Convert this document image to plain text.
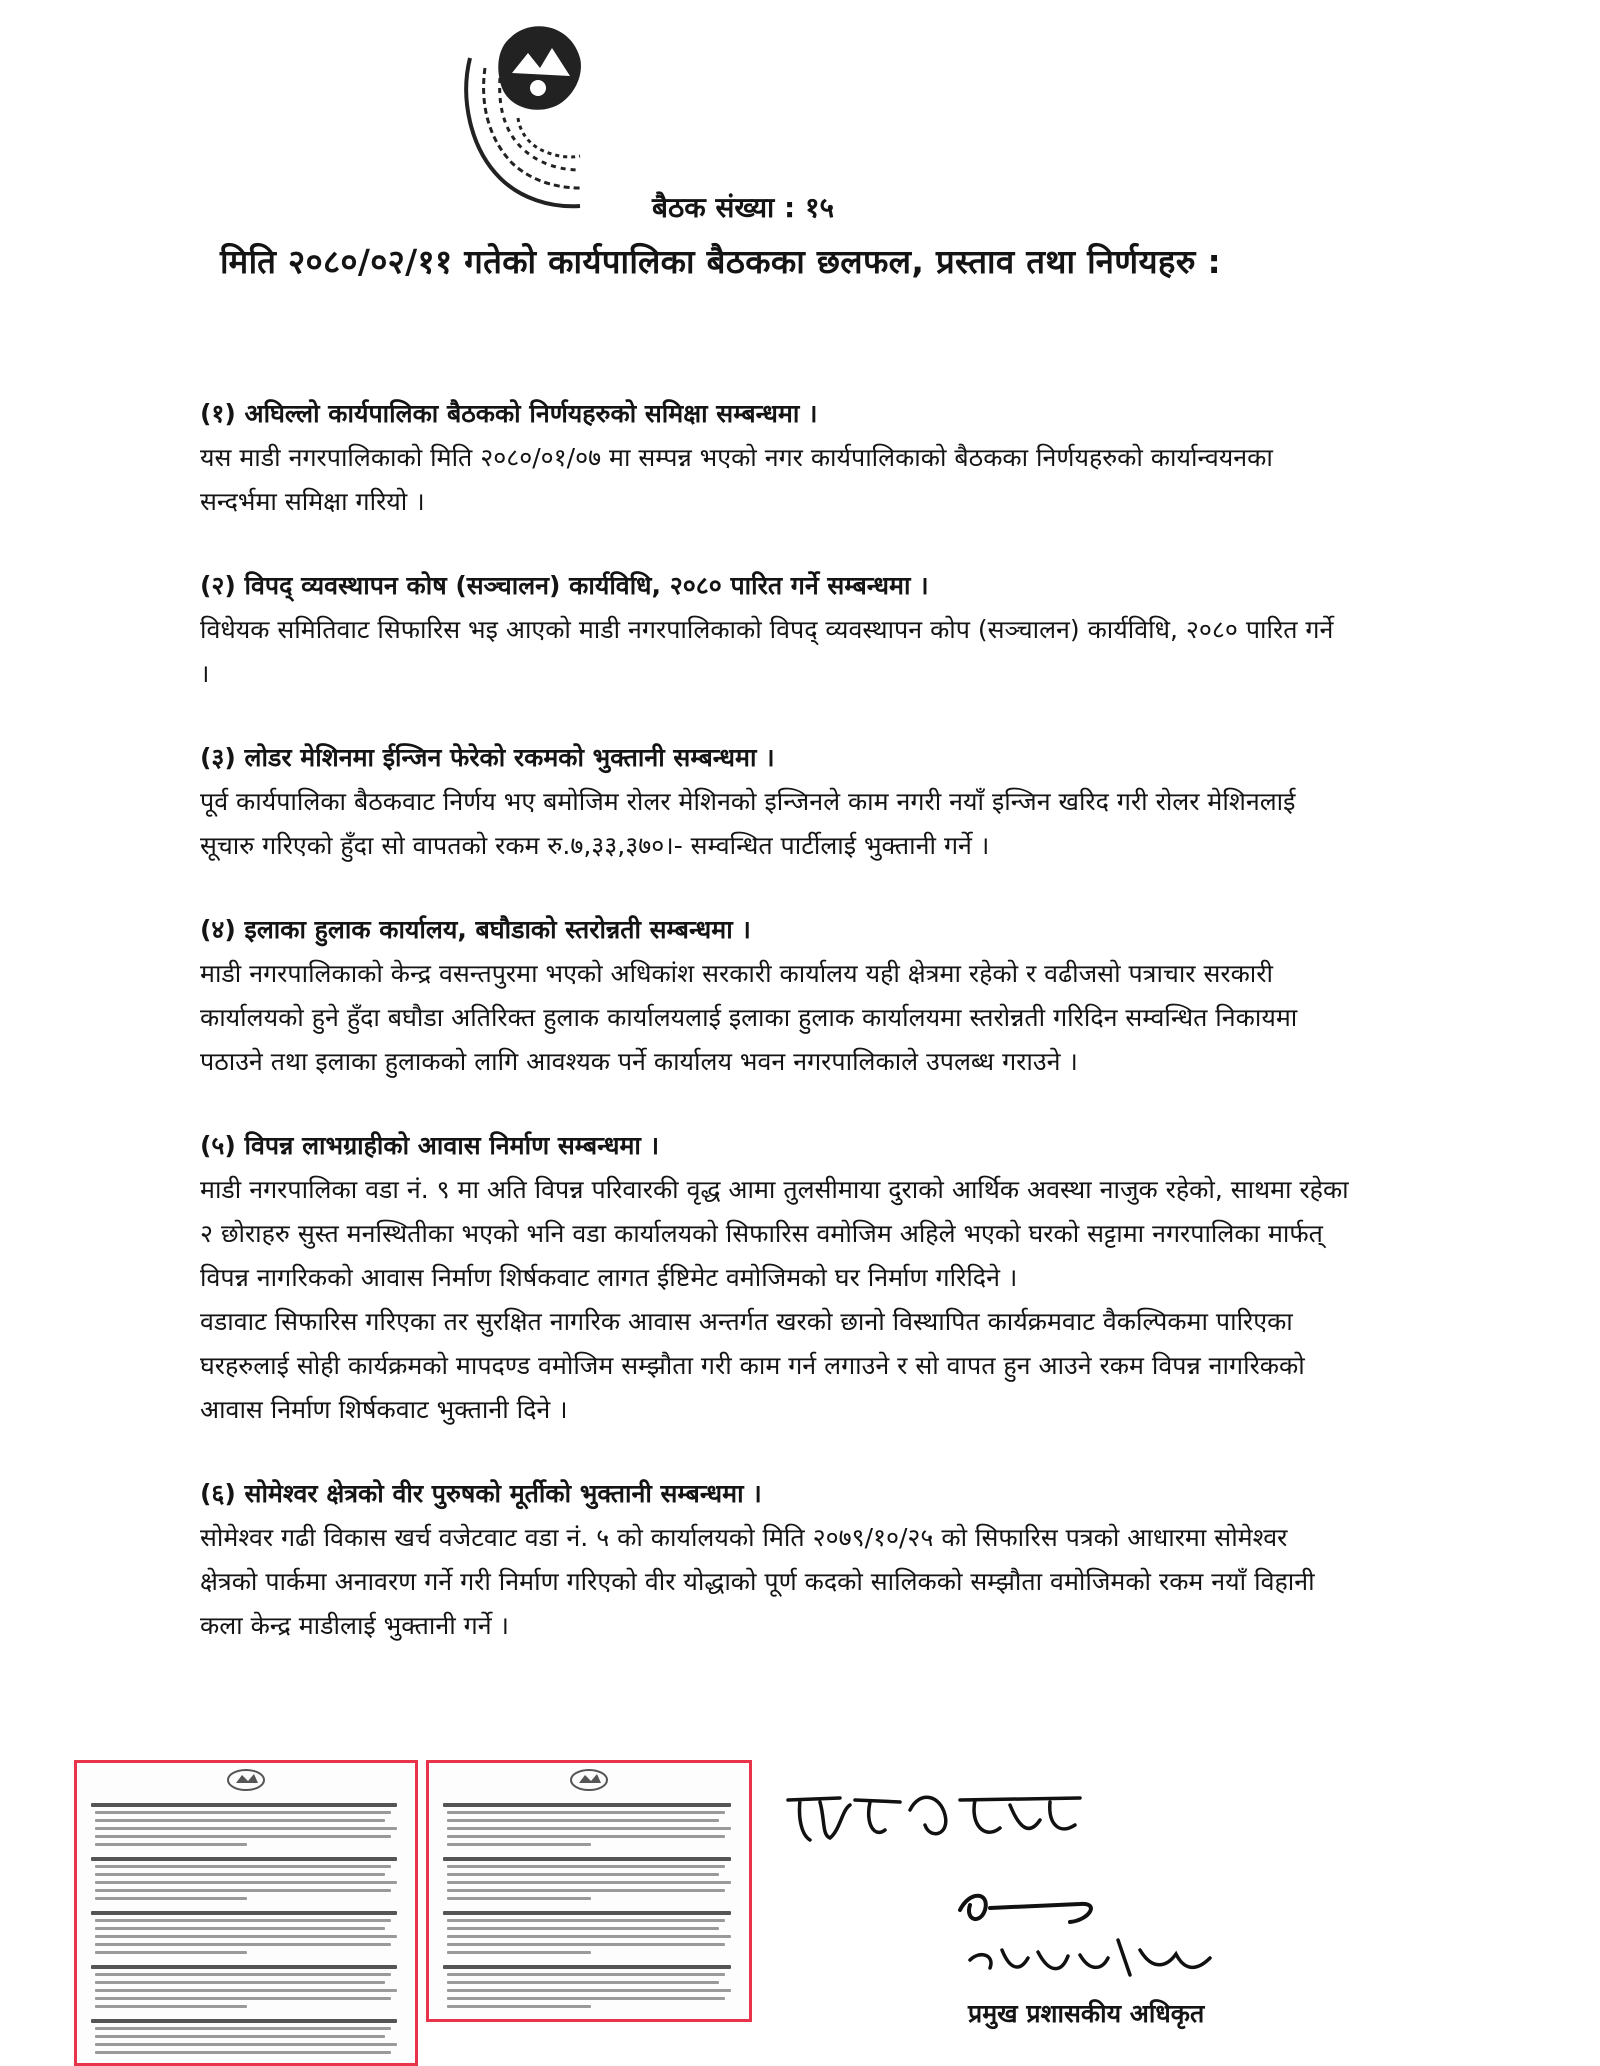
बैठक संख्या : १५
मिति २०८०/०२/११ गतेको कार्यपालिका बैठकका छलफल, प्रस्ताव तथा निर्णयहरु :
(१) अघिल्लो कार्यपालिका बैठकको निर्णयहरुको समिक्षा सम्बन्धमा ।

यस माडी नगरपालिकाको मिति २०८०/०१/०७ मा सम्पन्न भएको नगर कार्यपालिकाको बैठकका निर्णयहरुको कार्यान्वयनका सन्दर्भमा समिक्षा गरियो ।

(२) विपद् व्यवस्थापन कोष (सञ्चालन) कार्यविधि, २०८० पारित गर्ने सम्बन्धमा ।

विधेयक समितिवाट सिफारिस भइ आएको माडी नगरपालिकाको विपद् व्यवस्थापन कोप (सञ्चालन) कार्यविधि, २०८० पारित गर्ने ।

(३) लोडर मेशिनमा ईन्जिन फेरेको रकमको भुक्तानी सम्बन्धमा ।

पूर्व कार्यपालिका बैठकवाट निर्णय भए बमोजिम रोलर मेशिनको इन्जिनले काम नगरी नयाँ इन्जिन खरिद गरी रोलर मेशिनलाई सूचारु गरिएको हुँदा सो वापतको रकम रु.७,३३,३७०।- सम्वन्धित पार्टीलाई भुक्तानी गर्ने ।

(४) इलाका हुलाक कार्यालय, बघौडाको स्तरोन्नती सम्बन्धमा ।

माडी नगरपालिकाको केन्द्र वसन्तपुरमा भएको अधिकांश सरकारी कार्यालय यही क्षेत्रमा रहेको र वढीजसो पत्राचार सरकारी कार्यालयको हुने हुँदा बघौडा अतिरिक्त हुलाक कार्यालयलाई इलाका हुलाक कार्यालयमा स्तरोन्नती गरिदिन सम्वन्धित निकायमा पठाउने तथा इलाका हुलाकको लागि आवश्यक पर्ने कार्यालय भवन नगरपालिकाले उपलब्ध गराउने ।

(५) विपन्न लाभग्राहीको आवास निर्माण सम्बन्धमा ।

माडी नगरपालिका वडा नं. ९ मा अति विपन्न परिवारकी वृद्ध आमा तुलसीमाया दुराको आर्थिक अवस्था नाजुक रहेको, साथमा रहेका २ छोराहरु सुस्त मनस्थितीका भएको भनि वडा कार्यालयको सिफारिस वमोजिम अहिले भएको घरको सट्टामा नगरपालिका मार्फत् विपन्न नागरिकको आवास निर्माण शिर्षकवाट लागत ईष्टिमेट वमोजिमको घर निर्माण गरिदिने ।

वडावाट सिफारिस गरिएका तर सुरक्षित नागरिक आवास अन्तर्गत खरको छानो विस्थापित कार्यक्रमवाट वैकल्पिकमा पारिएका घरहरुलाई सोही कार्यक्रमको मापदण्ड वमोजिम सम्झौता गरी काम गर्न लगाउने र सो वापत हुन आउने रकम विपन्न नागरिकको आवास निर्माण शिर्षकवाट भुक्तानी दिने ।

(६) सोमेश्वर क्षेत्रको वीर पुरुषको मूर्तीको भुक्तानी सम्बन्धमा ।

सोमेश्वर गढी विकास खर्च वजेटवाट वडा नं. ५ को कार्यालयको मिति २०७९/१०/२५ को सिफारिस पत्रको आधारमा सोमेश्वर क्षेत्रको पार्कमा अनावरण गर्ने गरी निर्माण गरिएको वीर योद्धाको पूर्ण कदको सालिकको सम्झौता वमोजिमको रकम नयाँ विहानी कला केन्द्र माडीलाई भुक्तानी गर्ने ।

प्रमुख प्रशासकीय अधिकृत
